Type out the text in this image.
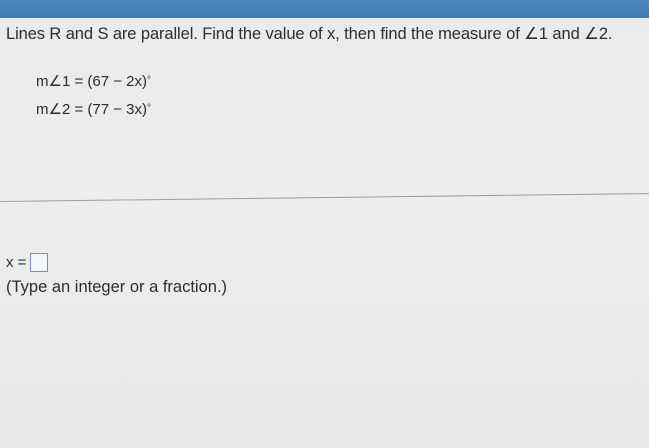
Lines R and S are parallel. Find the value of x, then find the measure of ∠1 and ∠2.
m∠1 = (67 − 2x)°
m∠2 = (77 − 3x)°
x =
(Type an integer or a fraction.)
